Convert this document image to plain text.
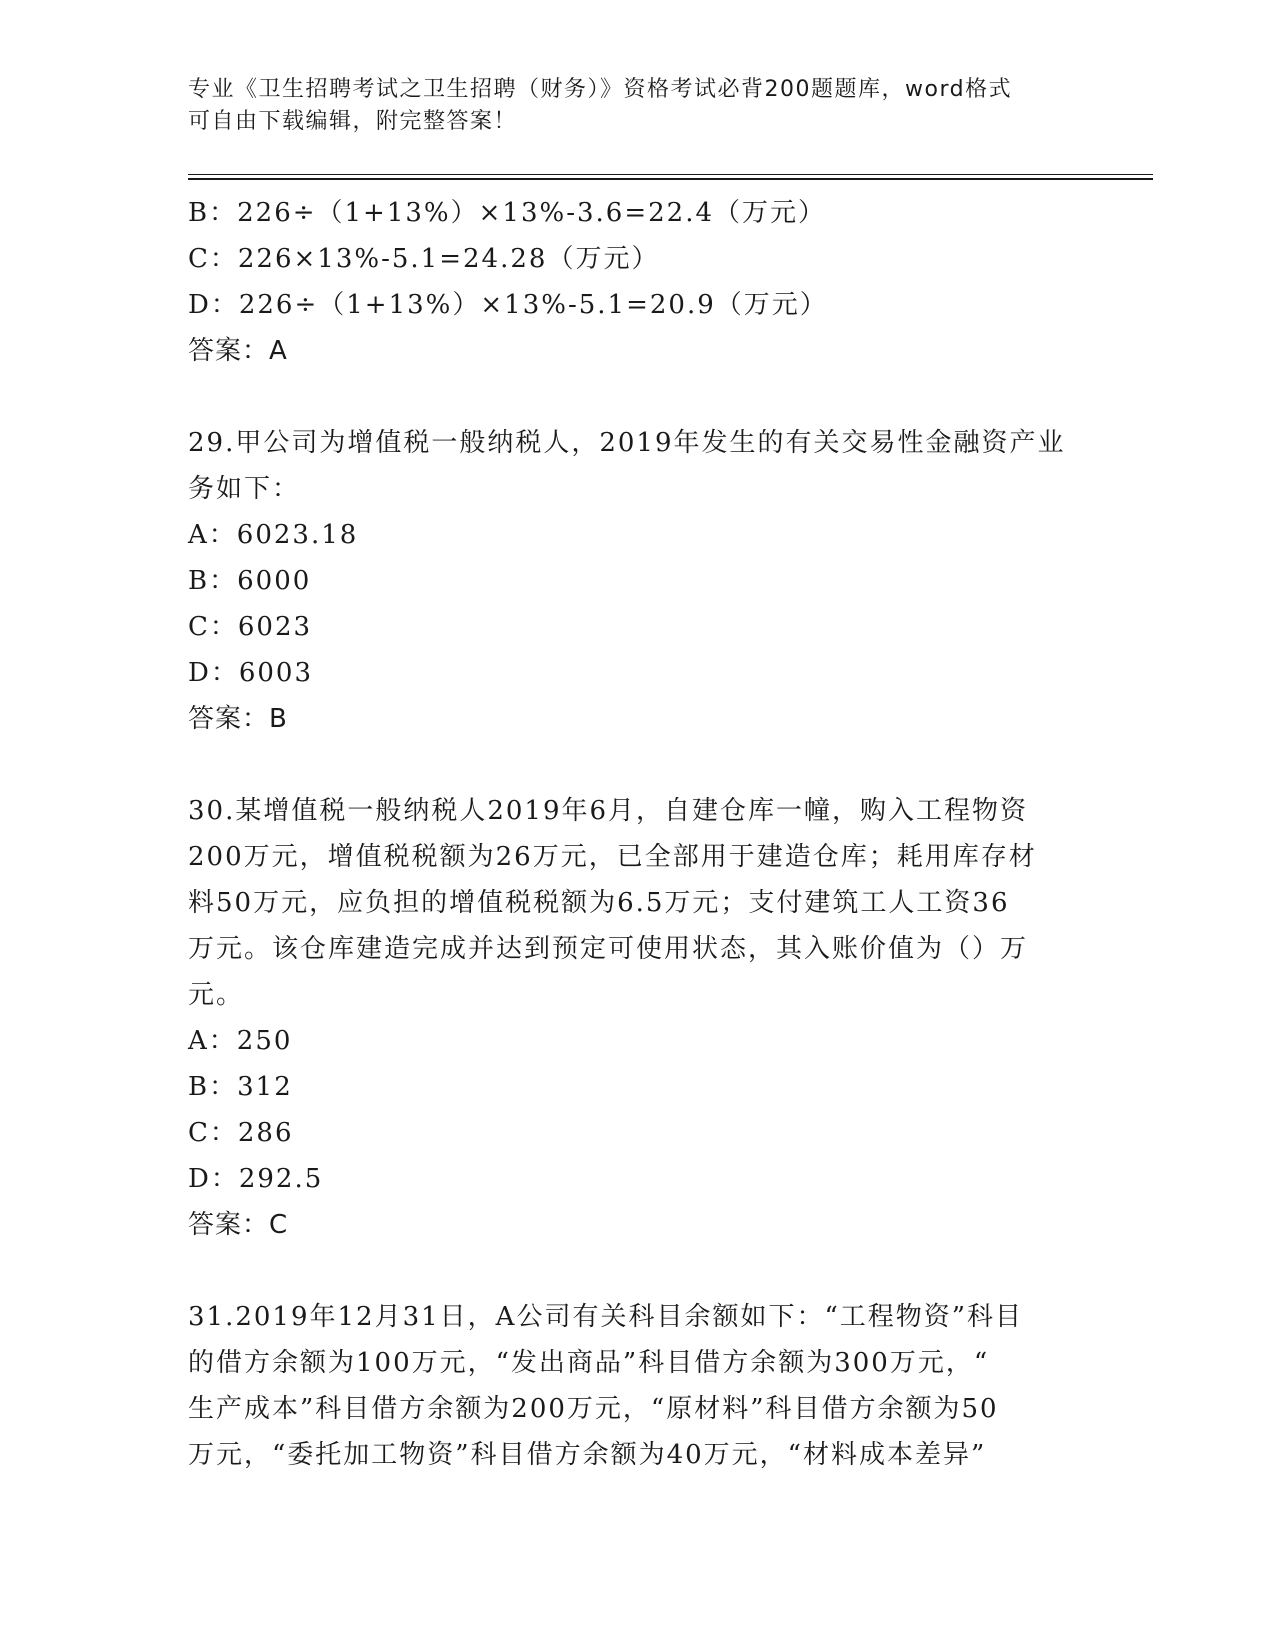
专业《卫生招聘考试之卫生招聘（财务）》资格考试必背200题题库，word格式
可自由下载编辑，附完整答案！
B：226÷（1+13%）×13%-3.6=22.4（万元）
C：226×13%-5.1=24.28（万元）
D：226÷（1+13%）×13%-5.1=20.9（万元）
答案：A
29.甲公司为增值税一般纳税人，2019年发生的有关交易性金融资产业
务如下：
A：6023.18
B：6000
C：6023
D：6003
答案：B
30.某增值税一般纳税人2019年6月，自建仓库一幢，购入工程物资
200万元，增值税税额为26万元，已全部用于建造仓库；耗用库存材
料50万元，应负担的增值税税额为6.5万元；支付建筑工人工资36
万元。该仓库建造完成并达到预定可使用状态，其入账价值为（）万
元。
A：250
B：312
C：286
D：292.5
答案：C
31.2019年12月31日，A公司有关科目余额如下：“工程物资”科目
的借方余额为100万元，“发出商品”科目借方余额为300万元，“
生产成本”科目借方余额为200万元，“原材料”科目借方余额为50
万元，“委托加工物资”科目借方余额为40万元，“材料成本差异”
